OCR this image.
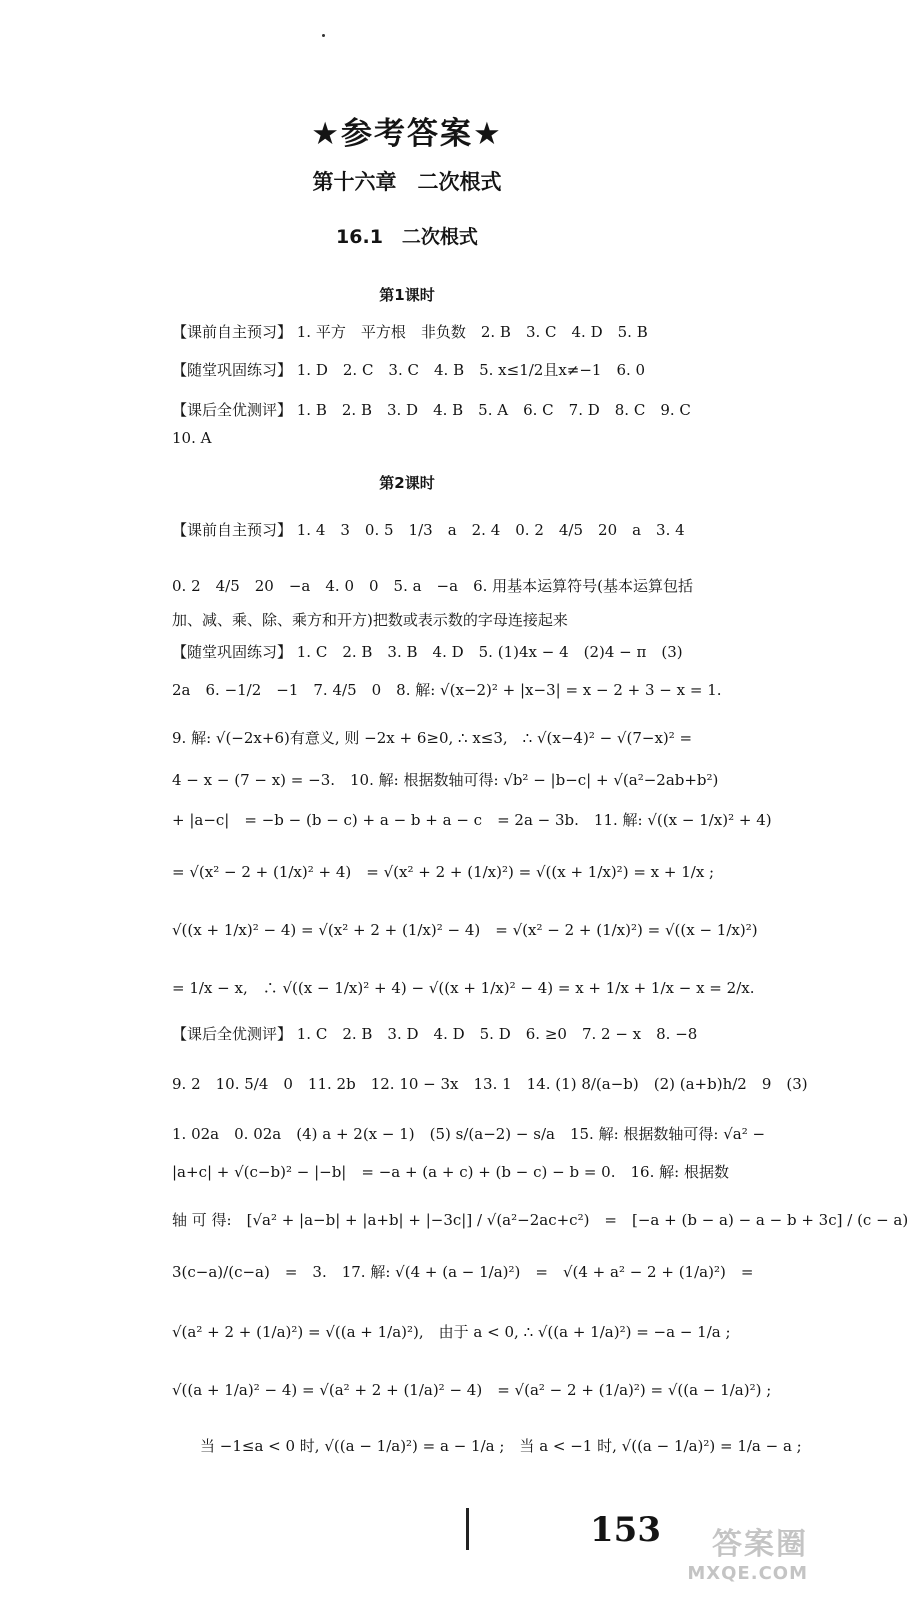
★参考答案★
第十六章　二次根式
16.1　二次根式
第1课时
【课前自主预习】 1. 平方　平方根　非负数　2. B　3. C　4. D　5. B
【随堂巩固练习】 1. D　2. C　3. C　4. B　5. x≤1/2且x≠−1　6. 0
【课后全优测评】 1. B　2. B　3. D　4. B　5. A　6. C　7. D　8. C　9. C
10. A
第2课时
【课前自主预习】 1. 4　3　0. 5　1/3　a　2. 4　0. 2　4/5　20　a　3. 4
0. 2　4/5　20　−a　4. 0　0　5. a　−a　6. 用基本运算符号(基本运算包括
加、减、乘、除、乘方和开方)把数或表示数的字母连接起来
【随堂巩固练习】 1. C　2. B　3. B　4. D　5. (1)4x − 4　(2)4 − π　(3)
2a　6. −1/2　−1　7. 4/5　0　8. 解: √(x−2)² + |x−3| = x − 2 + 3 − x = 1.
9. 解: √(−2x+6)有意义, 则 −2x + 6≥0, ∴ x≤3,　∴ √(x−4)² − √(7−x)² =
4 − x − (7 − x) = −3.　10. 解: 根据数轴可得: √b² − |b−c| + √(a²−2ab+b²)
+ |a−c|　= −b − (b − c) + a − b + a − c　= 2a − 3b.　11. 解: √((x − 1/x)² + 4)
= √(x² − 2 + (1/x)² + 4)　= √(x² + 2 + (1/x)²) = √((x + 1/x)²) = x + 1/x ;
√((x + 1/x)² − 4) = √(x² + 2 + (1/x)² − 4)　= √(x² − 2 + (1/x)²) = √((x − 1/x)²)
= 1/x − x,　∴ √((x − 1/x)² + 4) − √((x + 1/x)² − 4) = x + 1/x + 1/x − x = 2/x.
【课后全优测评】 1. C　2. B　3. D　4. D　5. D　6. ≥0　7. 2 − x　8. −8
9. 2　10. 5/4　0　11. 2b　12. 10 − 3x　13. 1　14. (1) 8/(a−b)　(2) (a+b)h/2　9　(3)
1. 02a　0. 02a　(4) a + 2(x − 1)　(5) s/(a−2) − s/a　15. 解: 根据数轴可得: √a² −
|a+c| + √(c−b)² − |−b|　= −a + (a + c) + (b − c) − b = 0.　16. 解: 根据数
轴 可 得:　[√a² + |a−b| + |a+b| + |−3c|] / √(a²−2ac+c²)　=　[−a + (b − a) − a − b + 3c] / (c − a)
3(c−a)/(c−a)　=　3.　17. 解: √(4 + (a − 1/a)²)　=　√(4 + a² − 2 + (1/a)²)　=
√(a² + 2 + (1/a)²) = √((a + 1/a)²),　由于 a < 0, ∴ √((a + 1/a)²) = −a − 1/a ;
√((a + 1/a)² − 4) = √(a² + 2 + (1/a)² − 4)　= √(a² − 2 + (1/a)²) = √((a − 1/a)²) ;
当 −1≤a < 0 时, √((a − 1/a)²) = a − 1/a ;　当 a < −1 时, √((a − 1/a)²) = 1/a − a ;
153	答案圈
MXQE.COM
